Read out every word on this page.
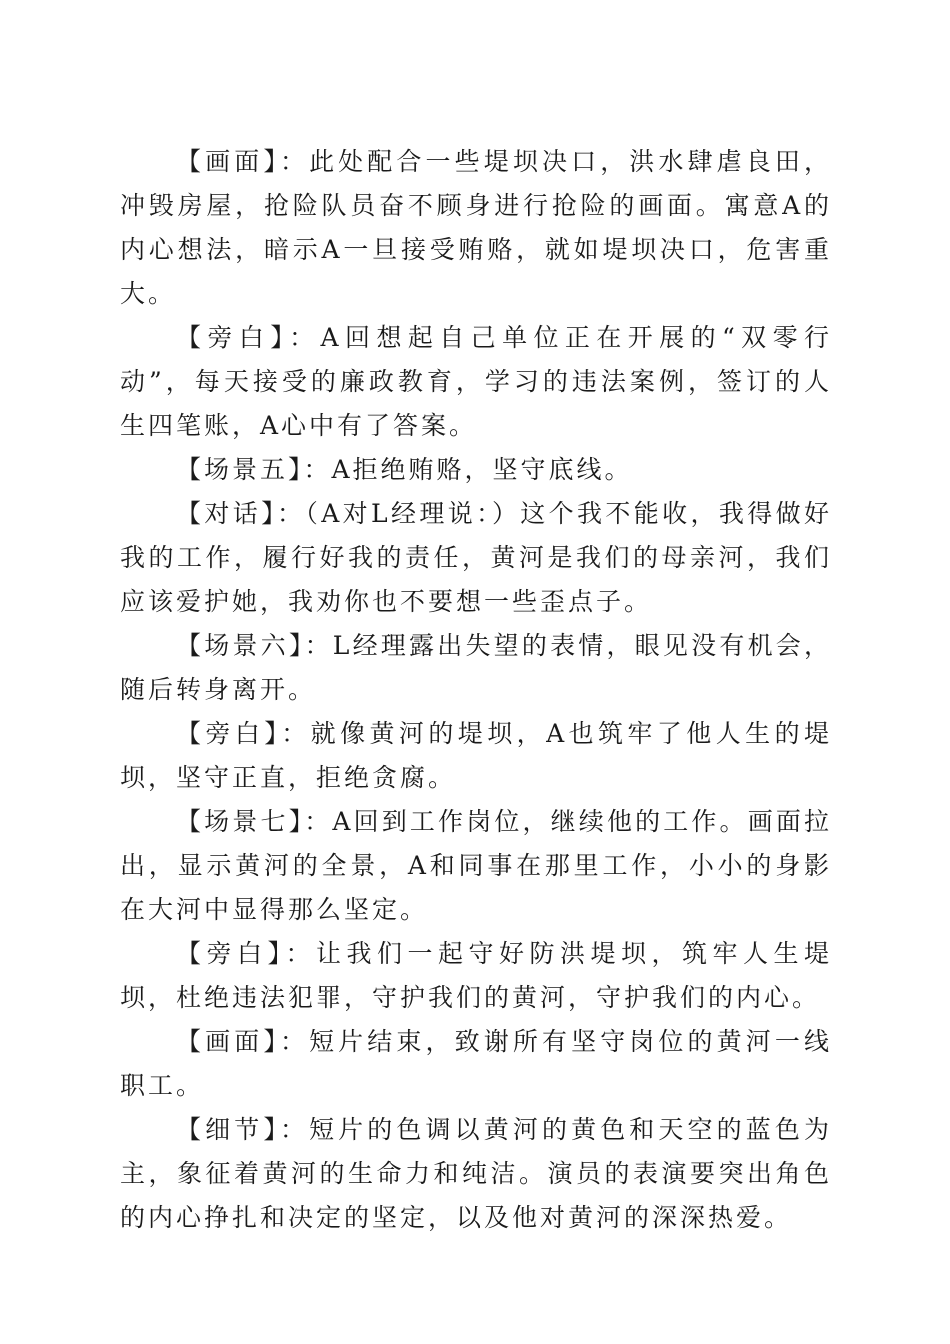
【画面】：此处配合一些堤坝决口，洪水肆虐良田，冲毁房屋，抢险队员奋不顾身进行抢险的画面。寓意A的内心想法，暗示A一旦接受贿赂，就如堤坝决口，危害重大。

【旁白】：A回想起自己单位正在开展的“双零行动”，每天接受的廉政教育，学习的违法案例，签订的人生四笔账，A心中有了答案。

【场景五】：A拒绝贿赂，坚守底线。

【对话】：（A对L经理说：）这个我不能收，我得做好我的工作，履行好我的责任，黄河是我们的母亲河，我们应该爱护她，我劝你也不要想一些歪点子。

【场景六】：L经理露出失望的表情，眼见没有机会，随后转身离开。

【旁白】：就像黄河的堤坝，A也筑牢了他人生的堤坝，坚守正直，拒绝贪腐。

【场景七】：A回到工作岗位，继续他的工作。画面拉出，显示黄河的全景，A和同事在那里工作，小小的身影在大河中显得那么坚定。

【旁白】：让我们一起守好防洪堤坝，筑牢人生堤坝，杜绝违法犯罪，守护我们的黄河，守护我们的内心。

【画面】：短片结束，致谢所有坚守岗位的黄河一线职工。

【细节】：短片的色调以黄河的黄色和天空的蓝色为主，象征着黄河的生命力和纯洁。演员的表演要突出角色的内心挣扎和决定的坚定，以及他对黄河的深深热爱。
